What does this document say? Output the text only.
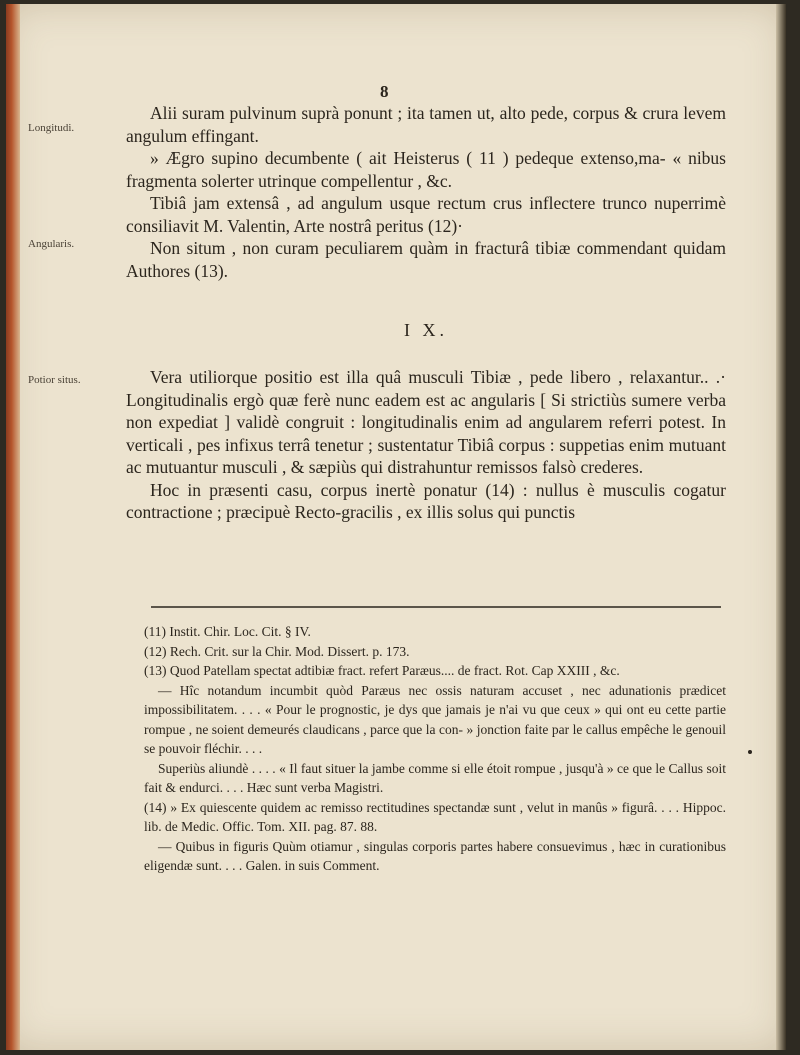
8
Longitudi.
Angularis.
Potior situs.

Alii suram pulvinum suprà ponunt ; ita tamen ut, alto pede, corpus & crura levem angulum effingant.

» Ægro supino decumbente ( ait Heisterus ( 11 ) pedeque extenso,ma- « nibus fragmenta solerter utrinque compellentur , &c.

Tibiâ jam extensâ , ad angulum usque rectum crus inflectere trunco nuperrimè consiliavit M. Valentin, Arte nostrâ peritus (12)·

Non situm , non curam peculiarem quàm in fracturâ tibiæ commendant quidam Authores (13).

I X.

Vera utiliorque positio est illa quâ musculi Tibiæ , pede libero , relaxantur.. .· Longitudinalis ergò quæ ferè nunc eadem est ac angularis [ Si strictiùs sumere verba non expediat ] validè congruit : longitudinalis enim ad angularem referri potest. In verticali , pes infixus terrâ tenetur ; sustentatur Tibiâ corpus : suppetias enim mutuant ac mutuantur musculi , & sæpiùs qui distrahuntur remissos falsò crederes.

Hoc in præsenti casu, corpus inertè ponatur (14) : nullus è musculis cogatur contractione ; præcipuè Recto-gracilis , ex illis solus qui punctis

(11) Instit. Chir. Loc. Cit. § IV.

(12) Rech. Crit. sur la Chir. Mod. Dissert. p. 173.

(13) Quod Patellam spectat adtibiæ fract. refert Paræus.... de fract. Rot. Cap XXIII , &c.

— Hîc notandum incumbit quòd Paræus nec ossis naturam accuset , nec adunationis prædicet impossibilitatem. . . . « Pour le prognostic, je dys que jamais je n'ai vu que ceux » qui ont eu cette partie rompue , ne soient demeurés claudicans , parce que la con- » jonction faite par le callus empêche le genouil se pouvoir fléchir. . . .

Superiùs aliundè . . . . « Il faut situer la jambe comme si elle étoit rompue , jusqu'à » ce que le Callus soit fait & endurci. . . . Hæc sunt verba Magistri.

(14) » Ex quiescente quidem ac remisso rectitudines spectandæ sunt , velut in manûs » figurâ. . . . Hippoc. lib. de Medic. Offic. Tom. XII. pag. 87. 88.

— Quibus in figuris Quùm otiamur , singulas corporis partes habere consuevimus , hæc in curationibus eligendæ sunt. . . . Galen. in suis Comment.
